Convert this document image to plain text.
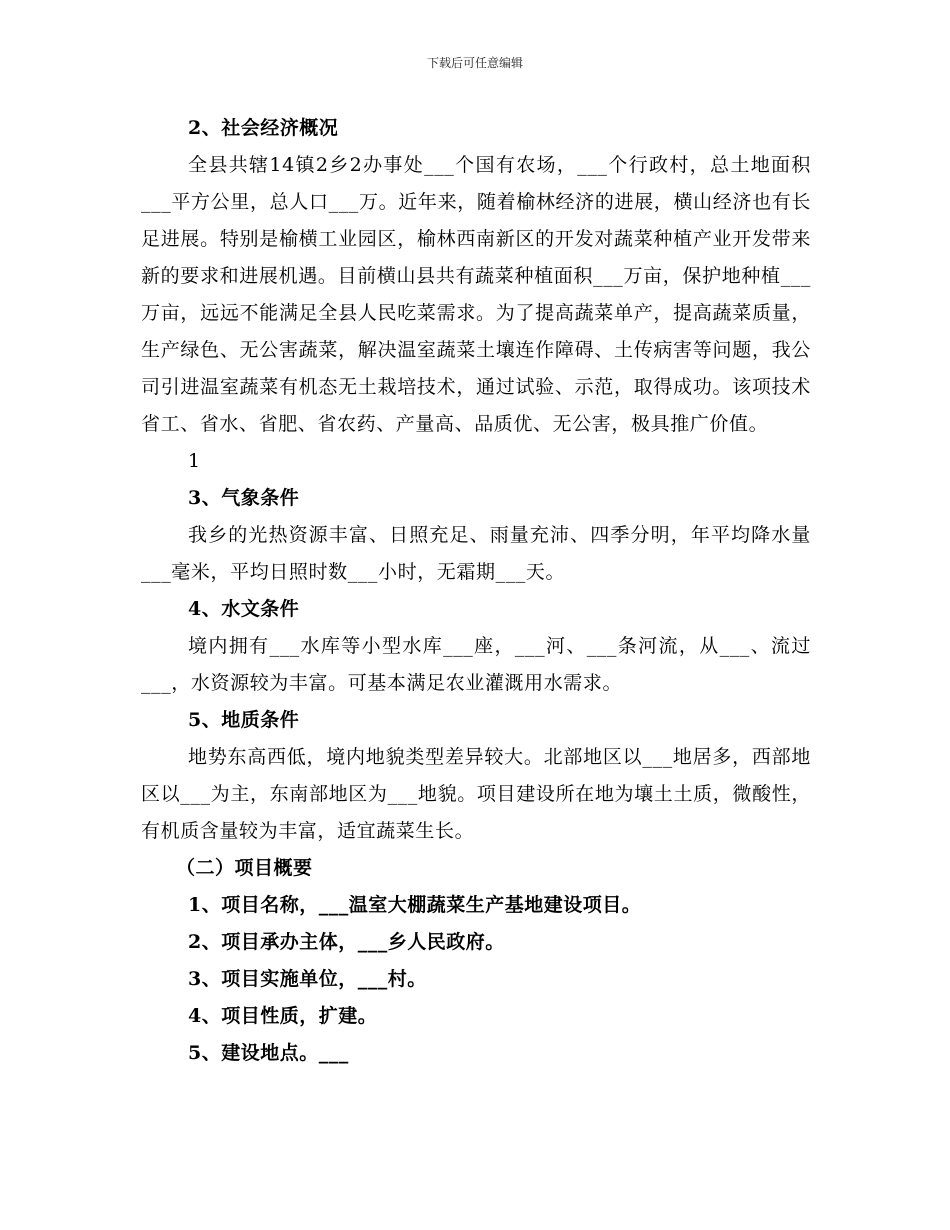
下载后可任意编辑

2、社会经济概况

全县共辖14镇2乡2办事处___个国有农场，___个行政村，总土地面积___平方公里，总人口___万。近年来，随着榆林经济的进展，横山经济也有长足进展。特别是榆横工业园区，榆林西南新区的开发对蔬菜种植产业开发带来新的要求和进展机遇。目前横山县共有蔬菜种植面积___万亩，保护地种植___万亩，远远不能满足全县人民吃菜需求。为了提高蔬菜单产，提高蔬菜质量，生产绿色、无公害蔬菜，解决温室蔬菜土壤连作障碍、土传病害等问题，我公司引进温室蔬菜有机态无土栽培技术，通过试验、示范，取得成功。该项技术省工、省水、省肥、省农药、产量高、品质优、无公害，极具推广价值。

1

3、气象条件

我乡的光热资源丰富、日照充足、雨量充沛、四季分明，年平均降水量___毫米，平均日照时数___小时，无霜期___天。

4、水文条件

境内拥有___水库等小型水库___座，___河、___条河流，从___、流过___，水资源较为丰富。可基本满足农业灌溉用水需求。

5、地质条件

地势东高西低，境内地貌类型差异较大。北部地区以___地居多，西部地区以___为主，东南部地区为___地貌。项目建设所在地为壤土土质，微酸性，有机质含量较为丰富，适宜蔬菜生长。

（二）项目概要

1、项目名称，___温室大棚蔬菜生产基地建设项目。

2、项目承办主体，___乡人民政府。

3、项目实施单位，___村。

4、项目性质，扩建。

5、建设地点。___
